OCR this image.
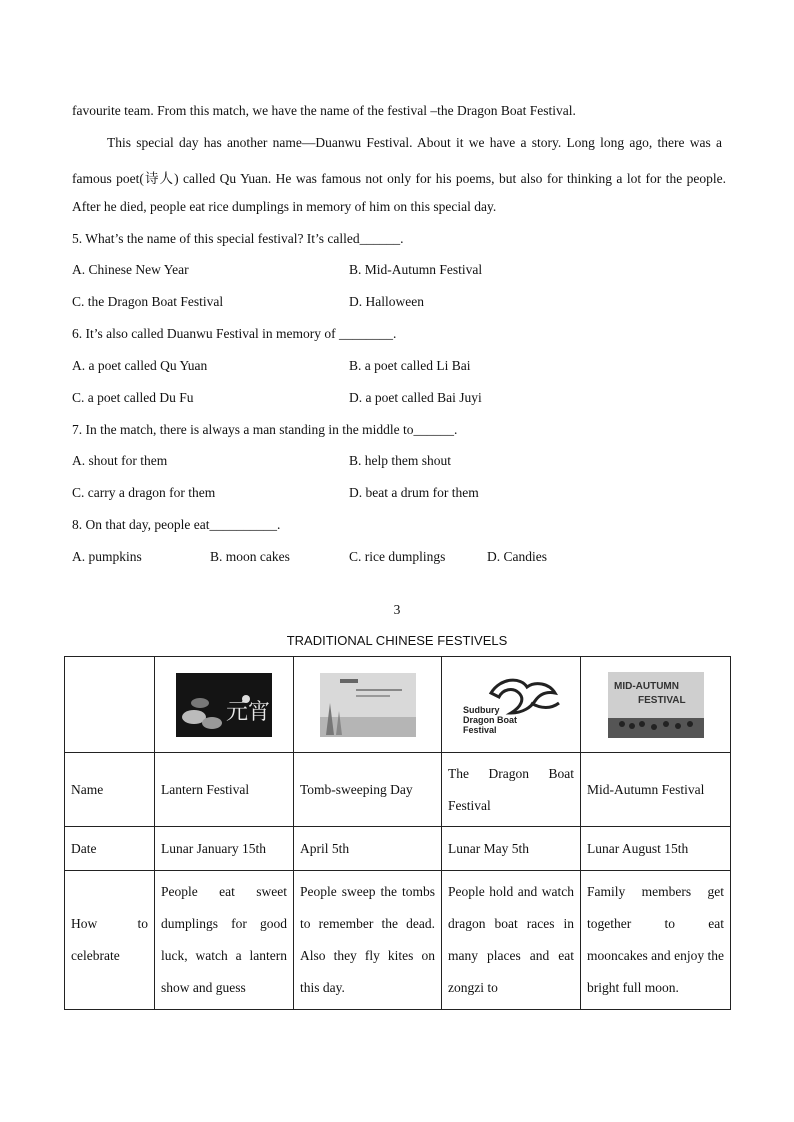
favourite team. From this match, we have the name of the festival –the Dragon Boat Festival.
This special day has another name—Duanwu Festival. About it we have a story. Long long ago, there was a
famous poet(诗人) called Qu Yuan. He was famous not only for his poems, but also for thinking a lot for the people.
After he died, people eat rice dumplings in memory of him on this special day.
5. What’s the name of this special festival? It’s called______.
A. Chinese New Year	B. Mid-Autumn Festival
C. the Dragon Boat Festival	D. Halloween
6. It’s also called Duanwu Festival in memory of ________.
A. a poet called Qu Yuan	B. a poet called Li Bai
C. a poet called Du Fu	D. a poet called Bai Juyi
7. In the match, there is always a man standing in the middle to______.
A. shout for them	B. help them shout
C. carry a dragon for them	D. beat a drum for them
8. On that day, people eat__________.
A. pumpkins	B. moon cakes	C. rice dumplings	D. Candies
3
TRADITIONAL CHINESE FESTIVELS

元宵		Sudbury
Dragon Boat
Festival	MID-AUTUMN
FESTIVAL

Name	Lantern Festival	Tomb-sweeping Day	The Dragon Boat Festival	Mid-Autumn Festival
Date	Lunar January 15th	April 5th	Lunar May 5th	Lunar August 15th
How to celebrate	People eat sweet dumplings for good luck, watch a lantern show and guess	People sweep the tombs to remember the dead. Also they fly kites on this day.	People hold and watch dragon boat races in many places and eat zongzi to	Family members get together to eat mooncakes and enjoy the bright full moon.
